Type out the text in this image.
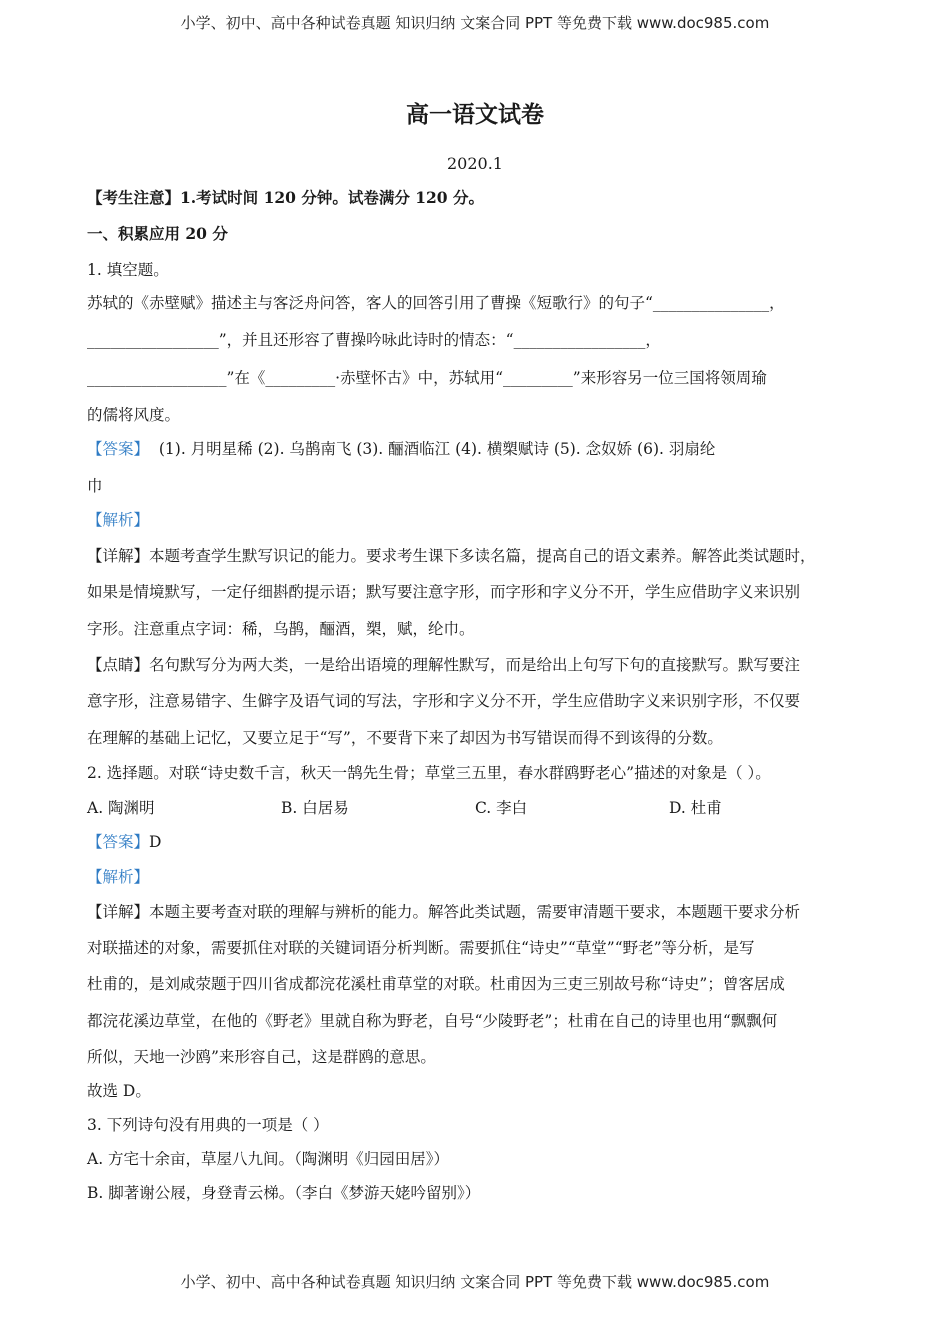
小学、初中、高中各种试卷真题 知识归纳 文案合同 PPT 等免费下载 www.doc985.com
高一语文试卷
2020.1
【考生注意】1.考试时间 120 分钟。试卷满分 120 分。
一、积累应用 20 分
1. 填空题。
苏轼的《赤壁赋》描述主与客泛舟问答，客人的回答引用了曹操《短歌行》的句子“_______________，
_________________”，并且还形容了曹操吟咏此诗时的情态：“_________________，
__________________”在《_________·赤壁怀古》中，苏轼用“_________”来形容另一位三国将领周瑜
的儒将风度。
【答案】 (1). 月明星稀 (2). 乌鹊南飞 (3). 酾酒临江 (4). 横槊赋诗 (5). 念奴娇 (6). 羽扇纶
巾
【解析】
【详解】本题考查学生默写识记的能力。要求考生课下多读名篇，提高自己的语文素养。解答此类试题时，
如果是情境默写，一定仔细斟酌提示语；默写要注意字形，而字形和字义分不开，学生应借助字义来识别
字形。注意重点字词：稀，乌鹊，酾酒，槊，赋，纶巾。
【点睛】名句默写分为两大类，一是给出语境的理解性默写，而是给出上句写下句的直接默写。默写要注
意字形，注意易错字、生僻字及语气词的写法，字形和字义分不开，学生应借助字义来识别字形，不仅要
在理解的基础上记忆，又要立足于“写”，不要背下来了却因为书写错误而得不到该得的分数。
2. 选择题。对联“诗史数千言，秋天一鹄先生骨；草堂三五里，春水群鸥野老心”描述的对象是（ ）。
A. 陶渊明	B. 白居易	C. 李白	D. 杜甫
【答案】D
【解析】
【详解】本题主要考查对联的理解与辨析的能力。解答此类试题，需要审清题干要求，本题题干要求分析
对联描述的对象，需要抓住对联的关键词语分析判断。需要抓住“诗史”“草堂”“野老”等分析，是写
杜甫的，是刘咸荥题于四川省成都浣花溪杜甫草堂的对联。杜甫因为三吏三别故号称“诗史”；曾客居成
都浣花溪边草堂，在他的《野老》里就自称为野老，自号“少陵野老”；杜甫在自己的诗里也用“飘飘何
所似，天地一沙鸥”来形容自己，这是群鸥的意思。
故选 D。
3. 下列诗句没有用典的一项是（ ）
A. 方宅十余亩，草屋八九间。（陶渊明《归园田居》）
B. 脚著谢公屐，身登青云梯。（李白《梦游天姥吟留别》）
小学、初中、高中各种试卷真题 知识归纳 文案合同 PPT 等免费下载 www.doc985.com
